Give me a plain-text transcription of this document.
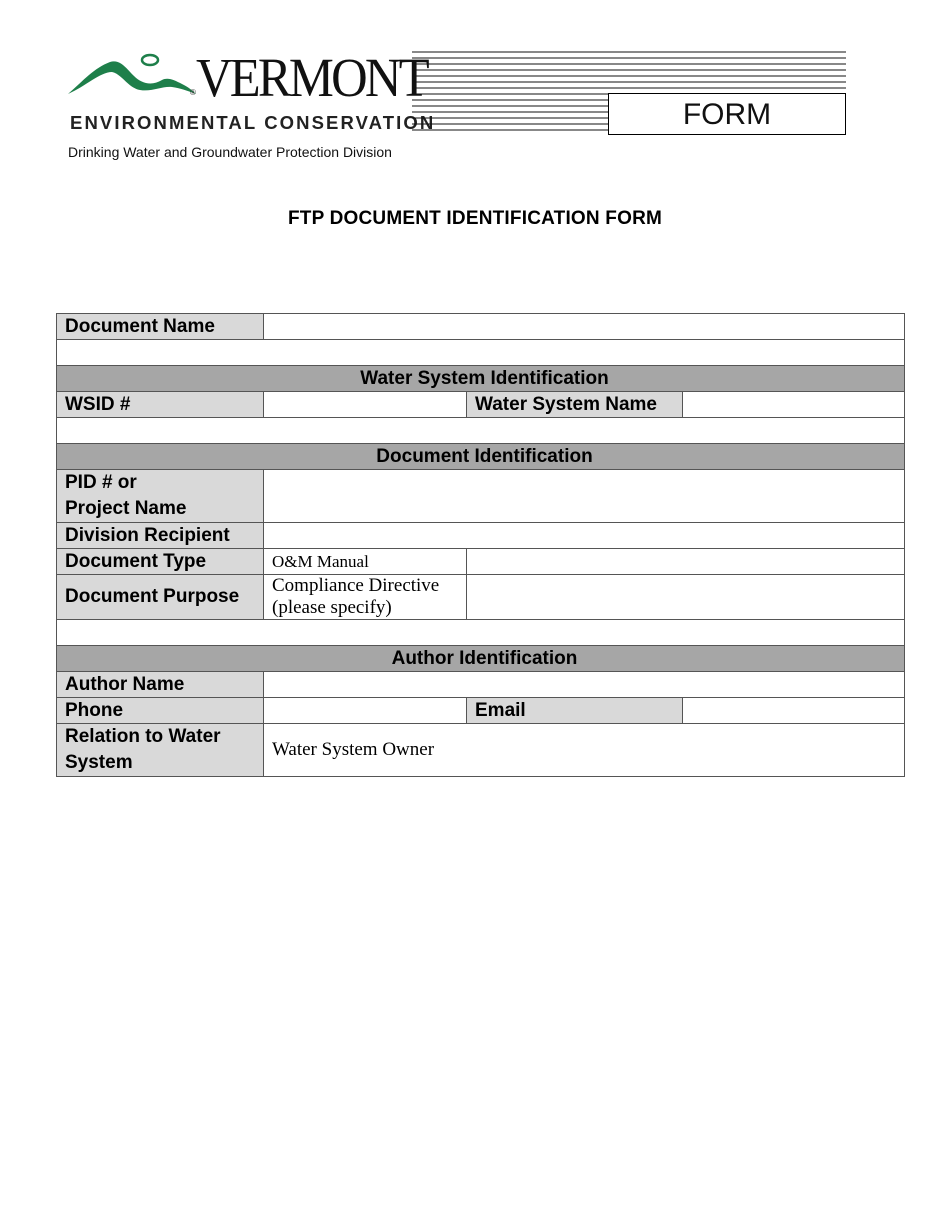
® VERMONT
ENVIRONMENTAL CONSERVATION	FORM
Drinking Water and Groundwater Protection Division
FTP DOCUMENT IDENTIFICATION FORM
Document Name			

Water System Identification			
WSID #		Water System Name	

Document Identification			
PID # or
Project Name			
Division Recipient			
Document Type	O&M Manual		
Document Purpose	Compliance Directive (please specify)		

Author Identification			
Author Name			
Phone		Email	
Relation to Water
System	Water System Owner		
